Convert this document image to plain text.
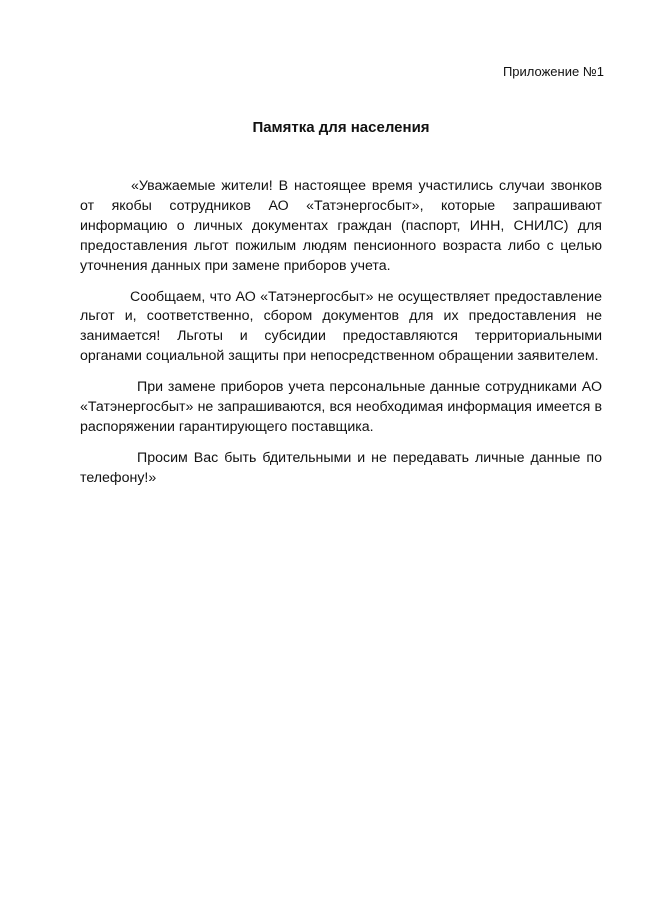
Приложение №1
Памятка для населения

«Уважаемые жители! В настоящее время участились случаи звонков от якобы сотрудников АО «Татэнергосбыт», которые запрашивают информацию о личных документах граждан (паспорт, ИНН, СНИЛС) для предоставления льгот пожилым людям пенсионного возраста либо с целью уточнения данных при замене приборов учета.

Сообщаем, что АО «Татэнергосбыт» не осуществляет предоставление льгот и, соответственно, сбором документов для их предоставления не занимается! Льготы и субсидии предоставляются территориальными органами социальной защиты при непосредственном обращении заявителем.

При замене приборов учета персональные данные сотрудниками АО «Татэнергосбыт» не запрашиваются, вся необходимая информация имеется в распоряжении гарантирующего поставщика.

Просим Вас быть бдительными и не передавать личные данные по телефону!»
